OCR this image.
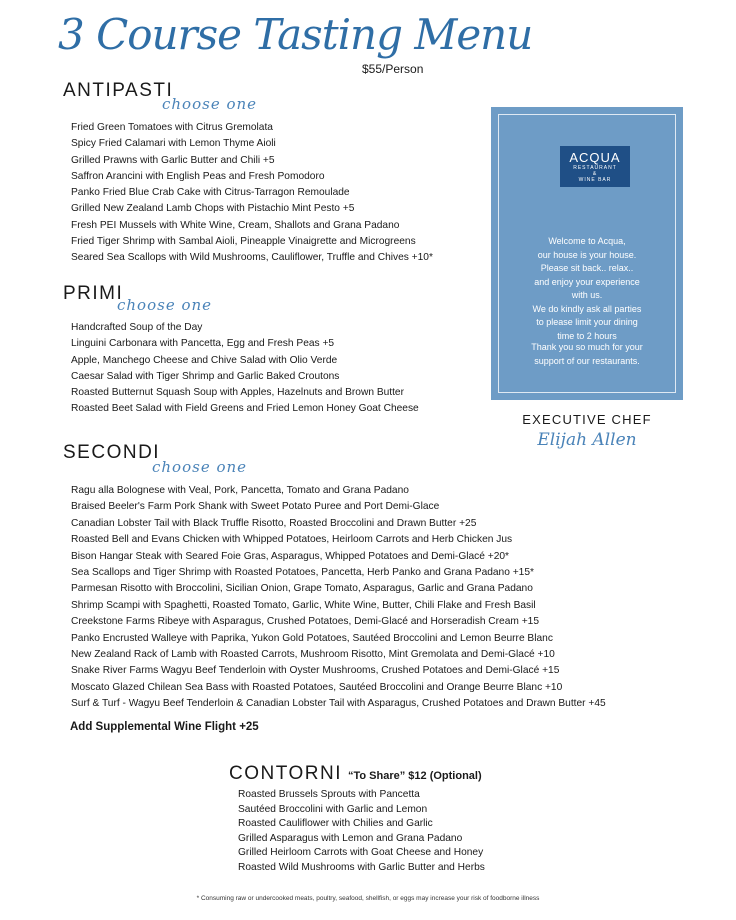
3 Course Tasting Menu
$55/Person
ANTIPASTI
choose one
Fried Green Tomatoes with Citrus Gremolata
Spicy Fried Calamari with Lemon Thyme Aioli
Grilled Prawns with Garlic Butter and Chili +5
Saffron Arancini with English Peas and Fresh Pomodoro
Panko Fried Blue Crab Cake with Citrus-Tarragon Remoulade
Grilled New Zealand Lamb Chops with Pistachio Mint Pesto +5
Fresh PEI Mussels with White Wine, Cream, Shallots and Grana Padano
Fried Tiger Shrimp with Sambal Aioli, Pineapple Vinaigrette and Microgreens
Seared Sea Scallops with Wild Mushrooms, Cauliflower, Truffle and Chives +10*
PRIMI
choose one
Handcrafted Soup of the Day
Linguini Carbonara with Pancetta, Egg and Fresh Peas +5
Apple, Manchego Cheese and Chive Salad with Olio Verde
Caesar Salad with Tiger Shrimp and Garlic Baked Croutons
Roasted Butternut Squash Soup with Apples, Hazelnuts and Brown Butter
Roasted Beet Salad with Field Greens and Fried Lemon Honey Goat Cheese
ACQUA
RESTAURANT
&
WINE BAR

Welcome to Acqua,

our house is your house.

Please sit back.. relax..

and enjoy your experience

with us.

We do kindly ask all parties

to please limit your dining

time to 2 hours

Thank you so much for your

support of our restaurants.

EXECUTIVE CHEF
Elijah Allen
SECONDI
choose one
Ragu alla Bolognese with Veal, Pork, Pancetta, Tomato and Grana Padano
Braised Beeler's Farm Pork Shank with Sweet Potato Puree and Port Demi-Glace
Canadian Lobster Tail with Black Truffle Risotto, Roasted Broccolini and Drawn Butter +25
Roasted Bell and Evans Chicken with Whipped Potatoes, Heirloom Carrots and Herb Chicken Jus
Bison Hangar Steak with Seared Foie Gras, Asparagus, Whipped Potatoes and Demi-Glacé +20*
Sea Scallops and Tiger Shrimp with Roasted Potatoes, Pancetta, Herb Panko and Grana Padano +15*
Parmesan Risotto with Broccolini, Sicilian Onion, Grape Tomato, Asparagus, Garlic and Grana Padano
Shrimp Scampi with Spaghetti, Roasted Tomato, Garlic, White Wine, Butter, Chili Flake and Fresh Basil
Creekstone Farms Ribeye with Asparagus, Crushed Potatoes, Demi-Glacé and Horseradish Cream +15
Panko Encrusted Walleye with Paprika, Yukon Gold Potatoes, Sautéed Broccolini and Lemon Beurre Blanc
New Zealand Rack of Lamb with Roasted Carrots, Mushroom Risotto, Mint Gremolata and Demi-Glacé +10
Snake River Farms Wagyu Beef Tenderloin with Oyster Mushrooms, Crushed Potatoes and Demi-Glacé +15
Moscato Glazed Chilean Sea Bass with Roasted Potatoes, Sautéed Broccolini and Orange Beurre Blanc +10
Surf & Turf - Wagyu Beef Tenderloin & Canadian Lobster Tail with Asparagus, Crushed Potatoes and Drawn Butter +45
Add Supplemental Wine Flight +25
CONTORNI “To Share” $12 (Optional)
Roasted Brussels Sprouts with Pancetta
Sautéed Broccolini with Garlic and Lemon
Roasted Cauliflower with Chilies and Garlic
Grilled Asparagus with Lemon and Grana Padano
Grilled Heirloom Carrots with Goat Cheese and Honey
Roasted Wild Mushrooms with Garlic Butter and Herbs
* Consuming raw or undercooked meats, poultry, seafood, shellfish, or eggs may increase your risk of foodborne illness
